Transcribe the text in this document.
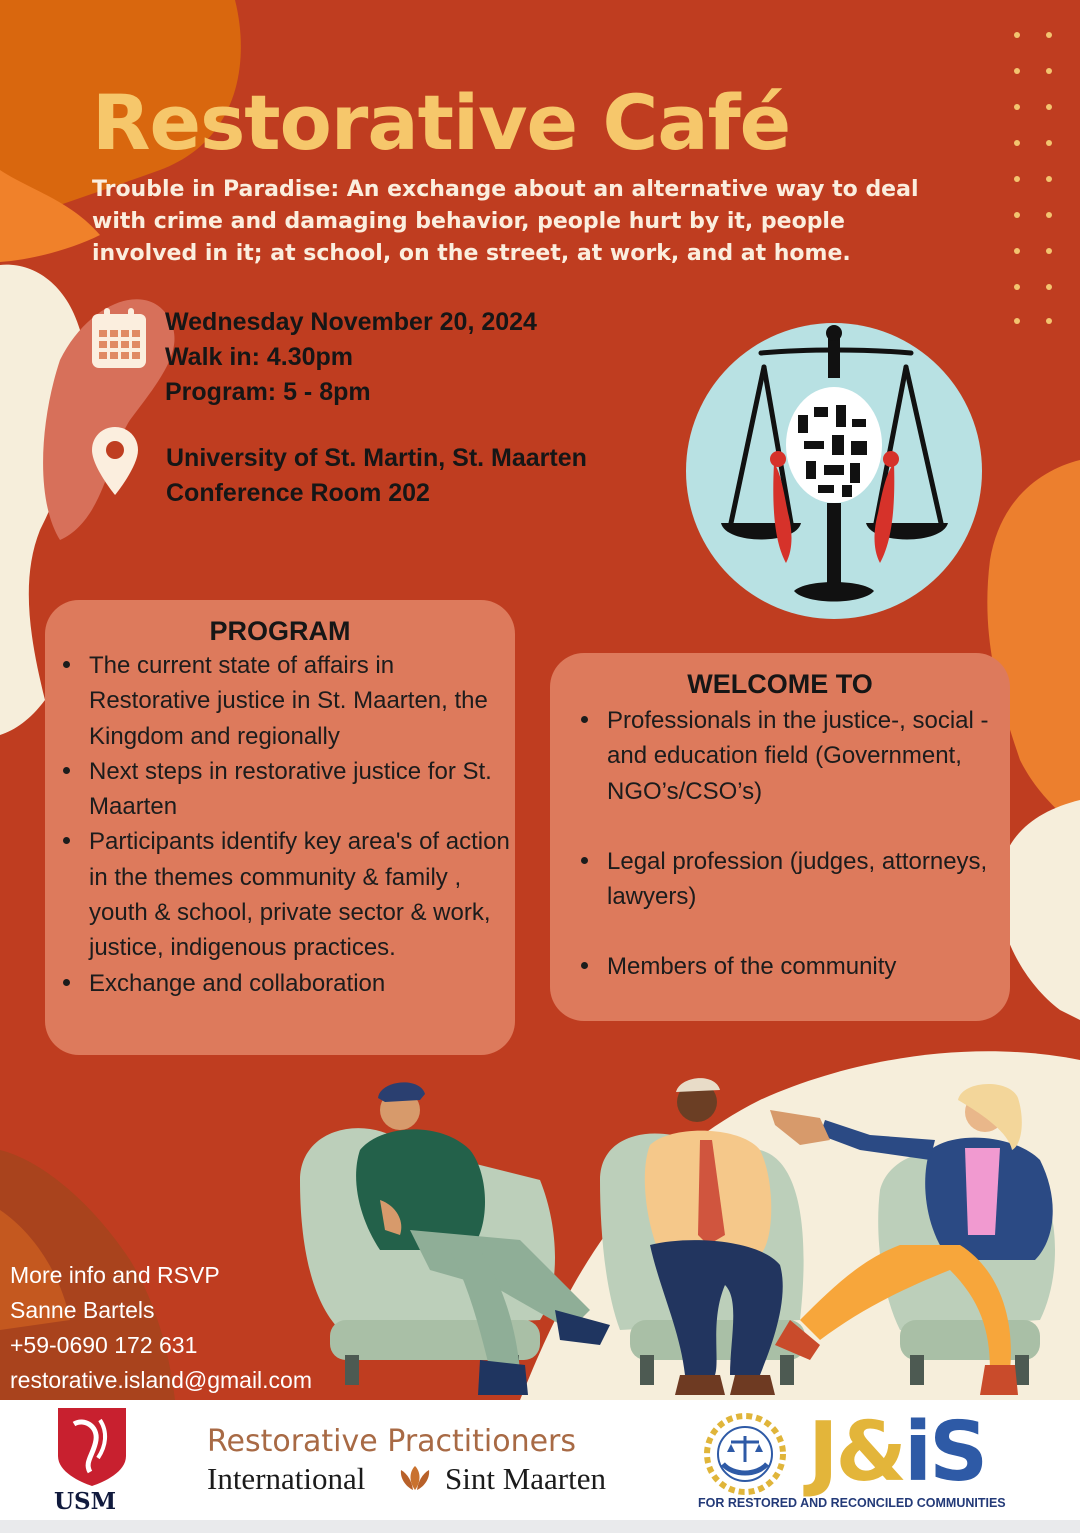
Restorative Café

Trouble in Paradise: An exchange about an alternative way to deal with crime and damaging behavior, people hurt by it, people involved in it; at school, on the street, at work, and at home.

Wednesday November 20, 2024
Walk in: 4.30pm
Program: 5 - 8pm
University of St. Martin, St. Maarten
Conference Room 202
PROGRAM
The current state of affairs in Restorative justice in St. Maarten, the Kingdom and regionally
Next steps in restorative justice for St. Maarten
Participants identify key area's of action in the themes community & family , youth & school, private sector & work, justice, indigenous practices.
Exchange and collaboration
WELCOME TO
Professionals in the justice-, social - and education field (Government, NGO’s/CSO’s)
Legal profession (judges, attorneys, lawyers)
Members of the community
More info and RSVP
Sanne Bartels
+59-0690 172 631
restorative.island@gmail.com
USM
Restorative Practitioners
International	Sint Maarten J&iS
FOR RESTORED AND RECONCILED COMMUNITIES
